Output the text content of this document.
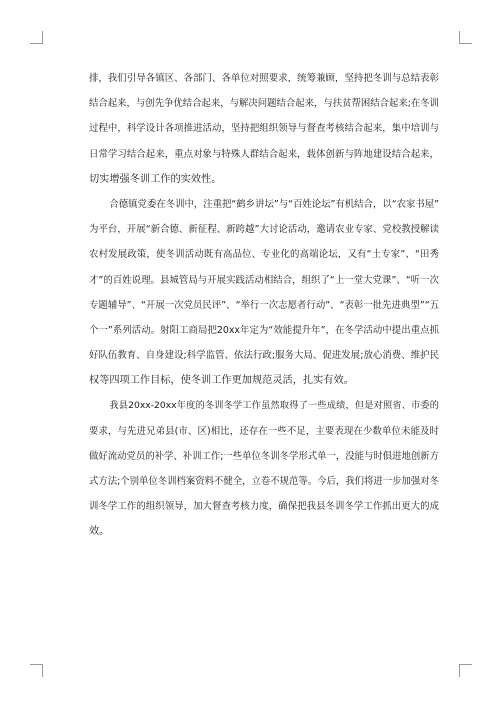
排，我们引导各镇区、各部门、各单位对照要求，统筹兼顾，坚持把冬训与总结表彰
结合起来，与创先争优结合起来，与解决问题结合起来，与扶贫帮困结合起来;在冬训
过程中，科学设计各项推进活动，坚持把组织领导与督查考核结合起来，集中培训与
日常学习结合起来，重点对象与特殊人群结合起来，载体创新与阵地建设结合起来，
切实增强冬训工作的实效性。
合德镇党委在冬训中，注重把“鹤乡讲坛”与“百姓论坛”有机结合，以“农家书屋”
为平台，开展“新合德、新征程、新跨越”大讨论活动，邀请农业专家、党校教授解读
农村发展政策，使冬训活动既有高品位、专业化的高端论坛，又有“土专家”、“田秀
才”的百姓说理。县城管局与开展实践活动相结合，组织了“上一堂大党课”、“听一次
专题辅导”、“开展一次党员民评”、“举行一次志愿者行动”、“表彰一批先进典型”“五
个一”系列活动。射阳工商局把20xx年定为“效能提升年”，在冬学活动中提出重点抓
好队伍教育、自身建设;科学监管、依法行政;服务大局、促进发展;放心消费、维护民
权等四项工作目标，使冬训工作更加规范灵活，扎实有效。
我县20xx-20xx年度的冬训冬学工作虽然取得了一些成绩，但是对照省、市委的
要求，与先进兄弟县(市、区)相比，还存在一些不足，主要表现在少数单位未能及时
做好流动党员的补学、补训工作;一些单位冬训冬学形式单一，没能与时俱进地创新方
式方法;个别单位冬训档案资料不健全，立卷不规范等。今后，我们将进一步加强对冬
训冬学工作的组织领导，加大督查考核力度，确保把我县冬训冬学工作抓出更大的成
效。
